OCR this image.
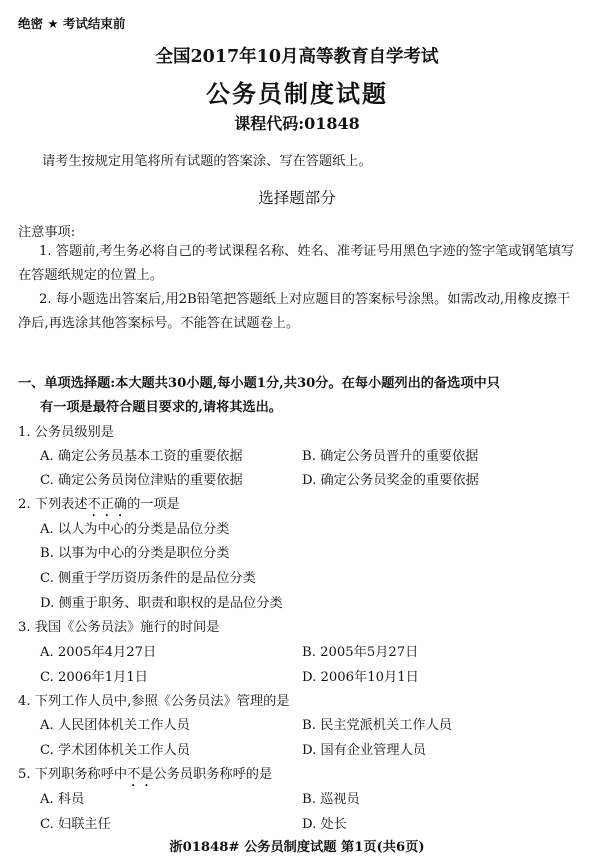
绝密 ★ 考试结束前
全国2017年10月高等教育自学考试
公务员制度试题
课程代码:01848
请考生按规定用笔将所有试题的答案涂、写在答题纸上。
选择题部分
注意事项:
1. 答题前,考生务必将自己的考试课程名称、姓名、准考证号用黑色字迹的签字笔或钢笔填写在答题纸规定的位置上。
2. 每小题选出答案后,用2B铅笔把答题纸上对应题目的答案标号涂黑。如需改动,用橡皮擦干净后,再选涂其他答案标号。不能答在试题卷上。
一、单项选择题:本大题共30小题,每小题1分,共30分。在每小题列出的备选项中只
有一项是最符合题目要求的,请将其选出。
1. 公务员级别是
A. 确定公务员基本工资的重要依据	B. 确定公务员晋升的重要依据
C. 确定公务员岗位津贴的重要依据	D. 确定公务员奖金的重要依据
2. 下列表述不正确的一项是
A. 以人为中心的分类是品位分类
B. 以事为中心的分类是职位分类
C. 侧重于学历资历条件的是品位分类
D. 侧重于职务、职责和职权的是品位分类
3. 我国《公务员法》施行的时间是
A. 2005年4月27日	B. 2005年5月27日
C. 2006年1月1日	D. 2006年10月1日
4. 下列工作人员中,参照《公务员法》管理的是
A. 人民团体机关工作人员	B. 民主党派机关工作人员
C. 学术团体机关工作人员	D. 国有企业管理人员
5. 下列职务称呼中不是公务员职务称呼的是
A. 科员	B. 巡视员
C. 妇联主任	D. 处长
浙01848# 公务员制度试题 第1页(共6页)
